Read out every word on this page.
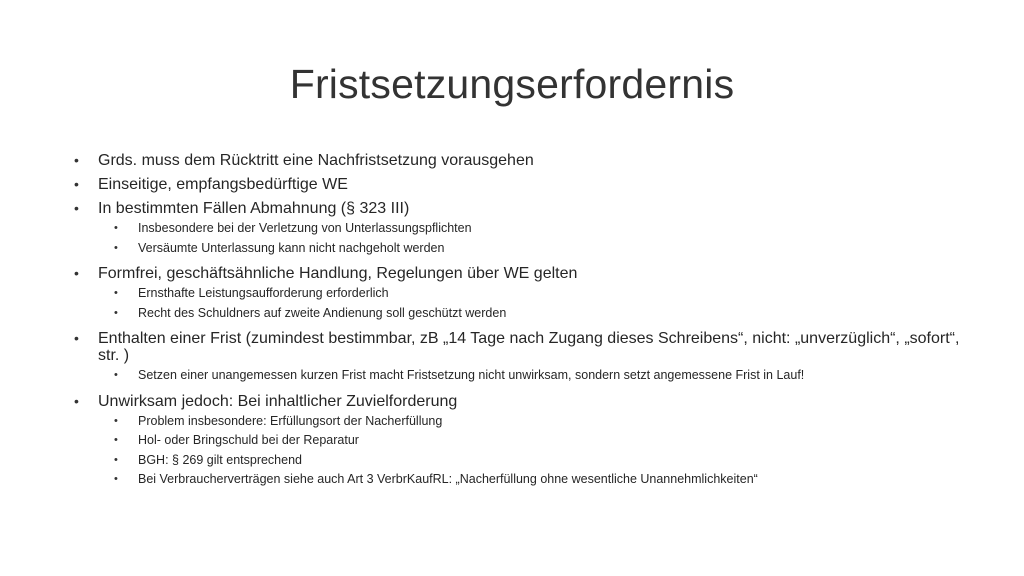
Fristsetzungserfordernis
•	Grds. muss dem Rücktritt eine Nachfristsetzung vorausgehen
•	Einseitige, empfangsbedürftige WE
•	In bestimmten Fällen Abmahnung (§ 323 III)
•	Insbesondere bei der Verletzung von Unterlassungspflichten
•	Versäumte Unterlassung kann nicht nachgeholt werden
•	Formfrei, geschäftsähnliche Handlung, Regelungen über WE gelten
•	Ernsthafte Leistungsaufforderung erforderlich
•	Recht des Schuldners auf zweite Andienung soll geschützt werden
•	Enthalten einer Frist (zumindest bestimmbar, zB „14 Tage nach Zugang dieses Schreibens“, nicht: „unverzüglich“, „sofort“, str. )
•	Setzen einer unangemessen kurzen Frist macht Fristsetzung nicht unwirksam, sondern setzt angemessene Frist in Lauf!
•	Unwirksam jedoch: Bei inhaltlicher Zuvielforderung
•	Problem insbesondere: Erfüllungsort der Nacherfüllung
•	Hol- oder Bringschuld bei der Reparatur
•	BGH: § 269 gilt entsprechend
•	Bei Verbraucherverträgen siehe auch Art 3 VerbrKaufRL: „Nacherfüllung ohne wesentliche Unannehmlichkeiten“
